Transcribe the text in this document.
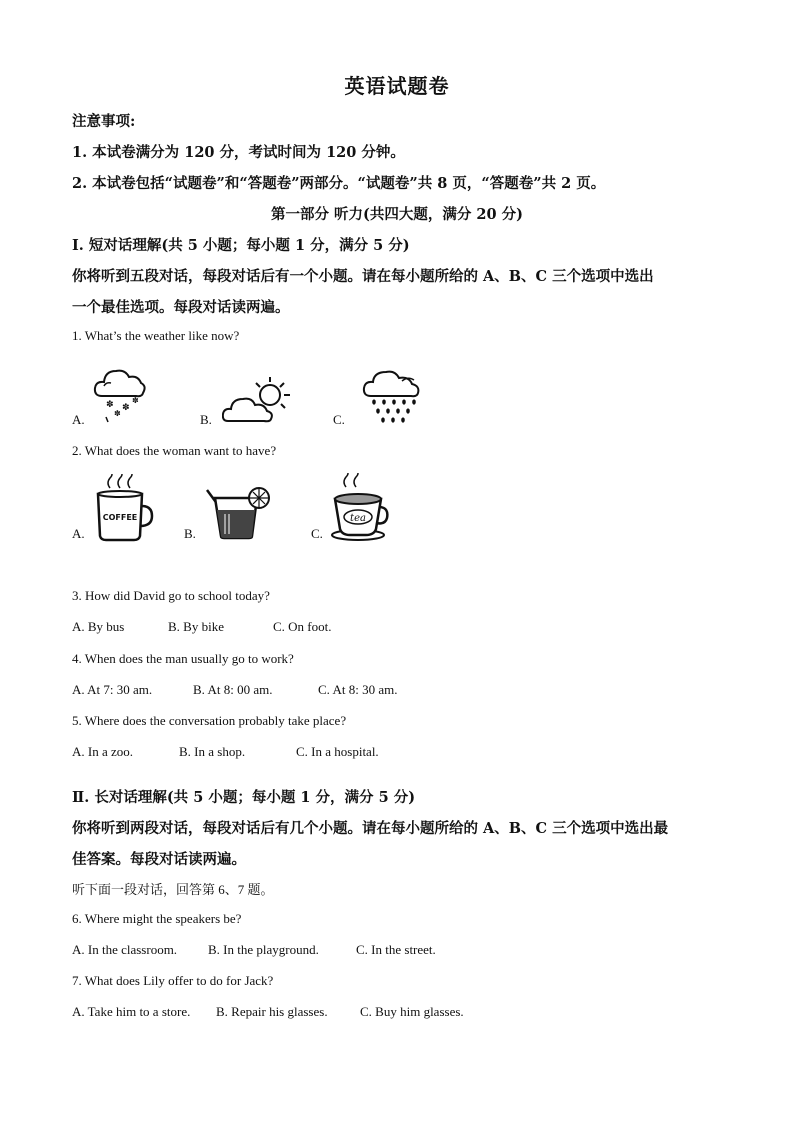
英语试题卷
注意事项:
1. 本试卷满分为 120 分，考试时间为 120 分钟。
2. 本试卷包括“试题卷”和“答题卷”两部分。“试题卷”共 8 页，“答题卷”共 2 页。
第一部分 听力(共四大题，满分 20 分)
I. 短对话理解(共 5 小题；每小题 1 分，满分 5 分)
你将听到五段对话，每段对话后有一个小题。请在每小题所给的 A、B、C 三个选项中选出
一个最佳选项。每段对话读两遍。
1. What’s the weather like now?
A.
✽ ✽
✽
✽	B.	C.
2. What does the woman want to have?
A.
COFFEE
B.	C.
tea
3. How did David go to school today?
A. By bus	B. By bike	C. On foot.
4. When does the man usually go to work?
A. At 7: 30 am.	B. At 8: 00 am.	C. At 8: 30 am.
5. Where does the conversation probably take place?
A. In a zoo.	B. In a shop.	C. In a hospital.
Ⅱ. 长对话理解(共 5 小题；每小题 1 分，满分 5 分)
你将听到两段对话，每段对话后有几个小题。请在每小题所给的 A、B、C 三个选项中选出最
佳答案。每段对话读两遍。
听下面一段对话，回答第 6、7 题。
6. Where might the speakers be?
A. In the classroom. B. In the playground.	C. In the street.
7. What does Lily offer to do for Jack?
A. Take him to a store. B. Repair his glasses. C. Buy him glasses.
